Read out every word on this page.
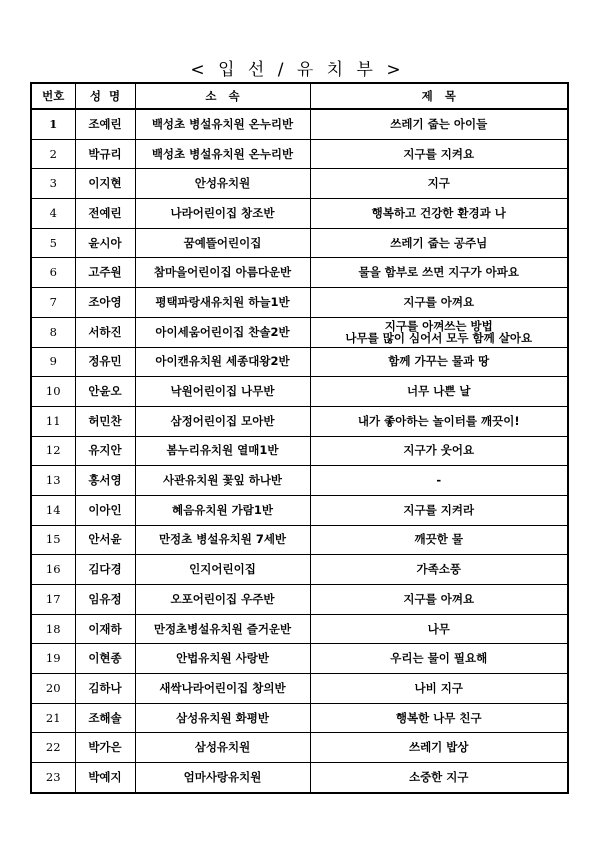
< 입 선 / 유 치 부 >
번호	성  명	소   속	제   목
1	조예린	백성초 병설유치원 온누리반	쓰레기 줍는 아이들
2	박규리	백성초 병설유치원 온누리반	지구를 지켜요
3	이지현	안성유치원	지구
4	전예린	나라어린이집 창조반	행복하고 건강한 환경과 나
5	윤시아	꿈예뜰어린이집	쓰레기 줍는 공주님
6	고주원	참마을어린이집 아름다운반	물을 함부로 쓰면 지구가 아파요
7	조아영	평택파랑새유치원 하늘1반	지구를 아껴요
8	서하진	아이세움어린이집 찬솔2반	지구를 아껴쓰는 방법
나무를 많이 심어서 모두 함께 살아요

9	정유민	아이캔유치원 세종대왕2반	함께 가꾸는 물과 땅
10	안윤오	낙원어린이집 나무반	너무 나쁜 날
11	허민찬	삼정어린이집 모아반	내가 좋아하는 놀이터를 깨끗이!
12	유지안	봄누리유치원 열매1반	지구가 웃어요
13	홍서영	사관유치원 꽃잎 하나반	-
14	이아인	혜음유치원 가람1반	지구를 지켜라
15	안서윤	만정초 병설유치원 7세반	깨끗한 물
16	김다경	인지어린이집	가족소풍
17	임유정	오포어린이집 우주반	지구를 아껴요
18	이재하	만정초병설유치원 즐거운반	나무
19	이현종	안법유치원 사랑반	우리는 물이 필요해
20	김하나	새싹나라어린이집 창의반	나비 지구
21	조해솔	삼성유치원 화평반	행복한 나무 친구
22	박가은	삼성유치원	쓰레기 밥상
23	박예지	엄마사랑유치원	소중한 지구
